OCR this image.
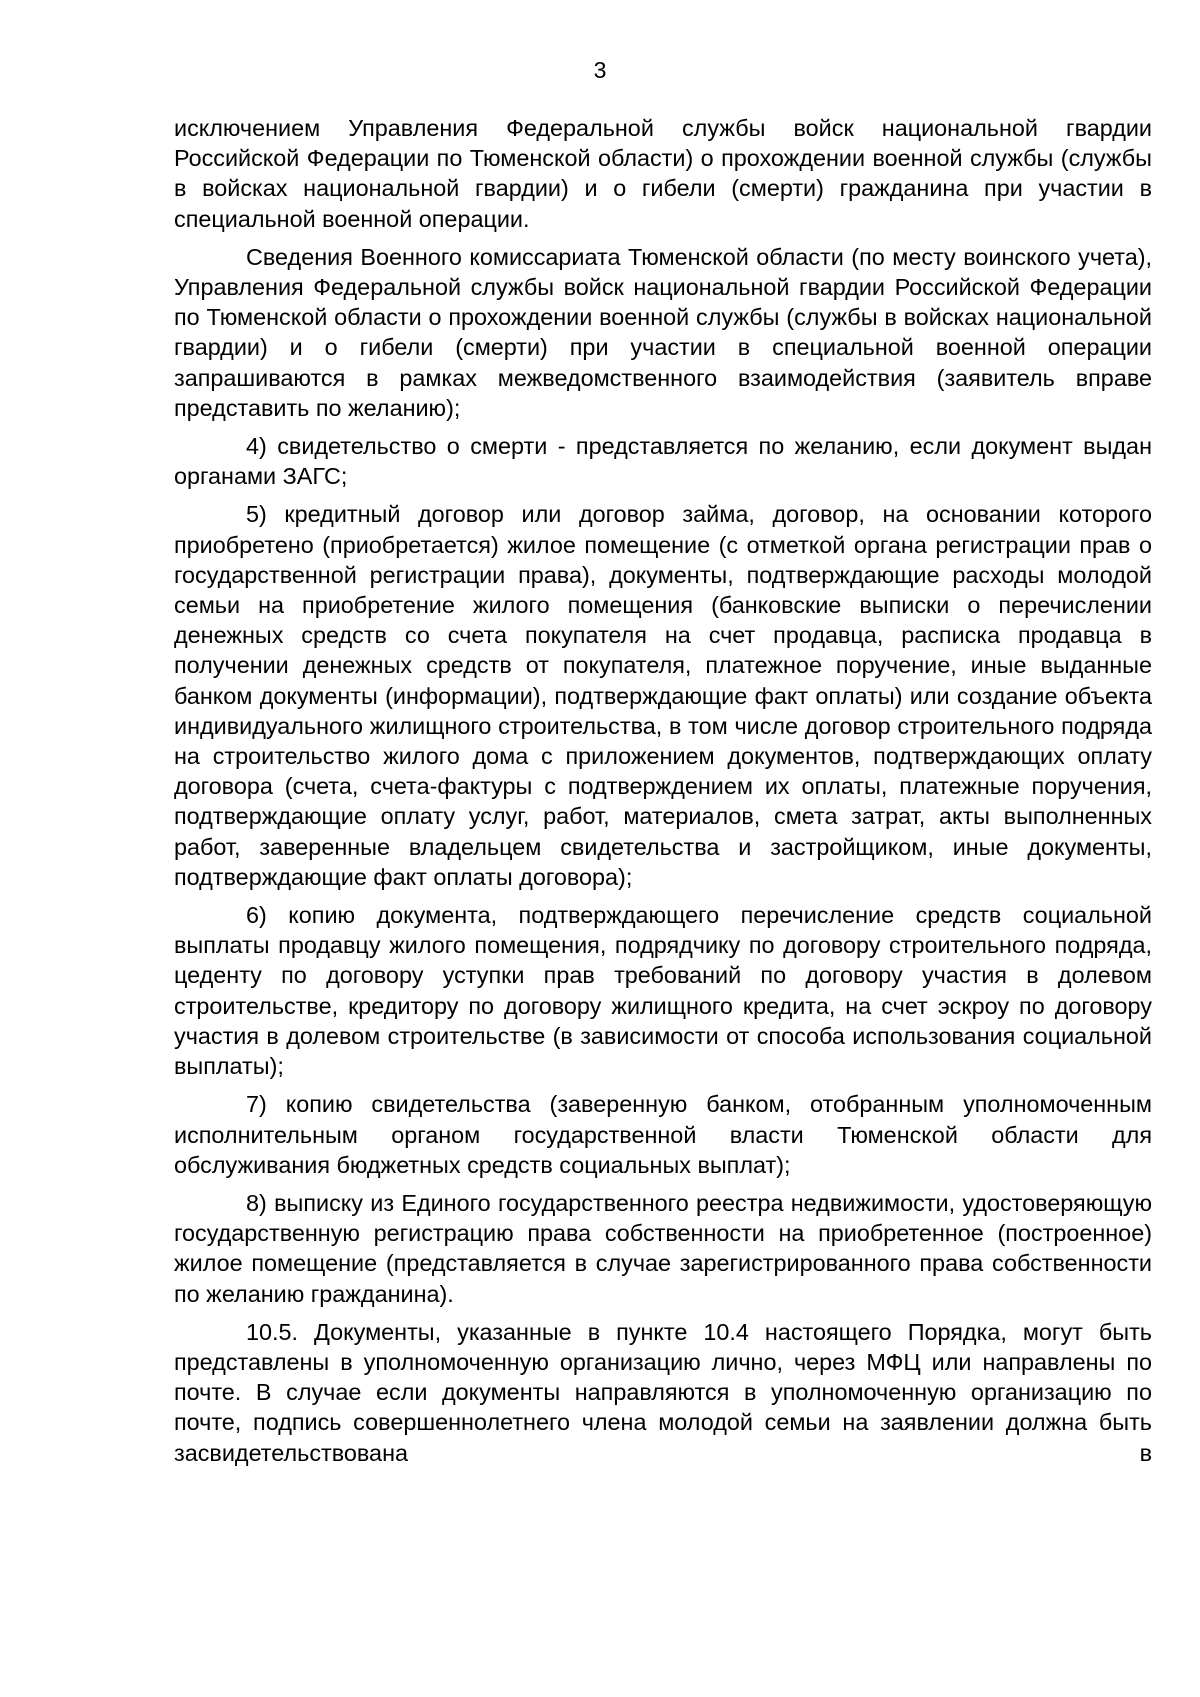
3

исключением Управления Федеральной службы войск национальной гвардии Российской Федерации по Тюменской области) о прохождении военной службы (службы в войсках национальной гвардии) и о гибели (смерти) гражданина при участии в специальной военной операции.

Сведения Военного комиссариата Тюменской области (по месту воинского учета), Управления Федеральной службы войск национальной гвардии Российской Федерации по Тюменской области о прохождении военной службы (службы в войсках национальной гвардии) и о гибели (смерти) при участии в специальной военной операции запрашиваются в рамках межведомственного взаимодействия (заявитель вправе представить по желанию);

4) свидетельство о смерти - представляется по желанию, если документ выдан органами ЗАГС;

5) кредитный договор или договор займа, договор, на основании которого приобретено (приобретается) жилое помещение (с отметкой органа регистрации прав о государственной регистрации права), документы, подтверждающие расходы молодой семьи на приобретение жилого помещения (банковские выписки о перечислении денежных средств со счета покупателя на счет продавца, расписка продавца в получении денежных средств от покупателя, платежное поручение, иные выданные банком документы (информации), подтверждающие факт оплаты) или создание объекта индивидуального жилищного строительства, в том числе договор строительного подряда на строительство жилого дома с приложением документов, подтверждающих оплату договора (счета, счета-фактуры с подтверждением их оплаты, платежные поручения, подтверждающие оплату услуг, работ, материалов, смета затрат, акты выполненных работ, заверенные владельцем свидетельства и застройщиком, иные документы, подтверждающие факт оплаты договора);

6) копию документа, подтверждающего перечисление средств социальной выплаты продавцу жилого помещения, подрядчику по договору строительного подряда, цеденту по договору уступки прав требований по договору участия в долевом строительстве, кредитору по договору жилищного кредита, на счет эскроу по договору участия в долевом строительстве (в зависимости от способа использования социальной выплаты);

7) копию свидетельства (заверенную банком, отобранным уполномоченным исполнительным органом государственной власти Тюменской области для обслуживания бюджетных средств социальных выплат);

8) выписку из Единого государственного реестра недвижимости, удостоверяющую государственную регистрацию права собственности на приобретенное (построенное) жилое помещение (представляется в случае зарегистрированного права собственности по желанию гражданина).

10.5. Документы, указанные в пункте 10.4 настоящего Порядка, могут быть представлены в уполномоченную организацию лично, через МФЦ или направлены по почте. В случае если документы направляются в уполномоченную организацию по почте, подпись совершеннолетнего члена молодой семьи на заявлении должна быть засвидетельствована в
